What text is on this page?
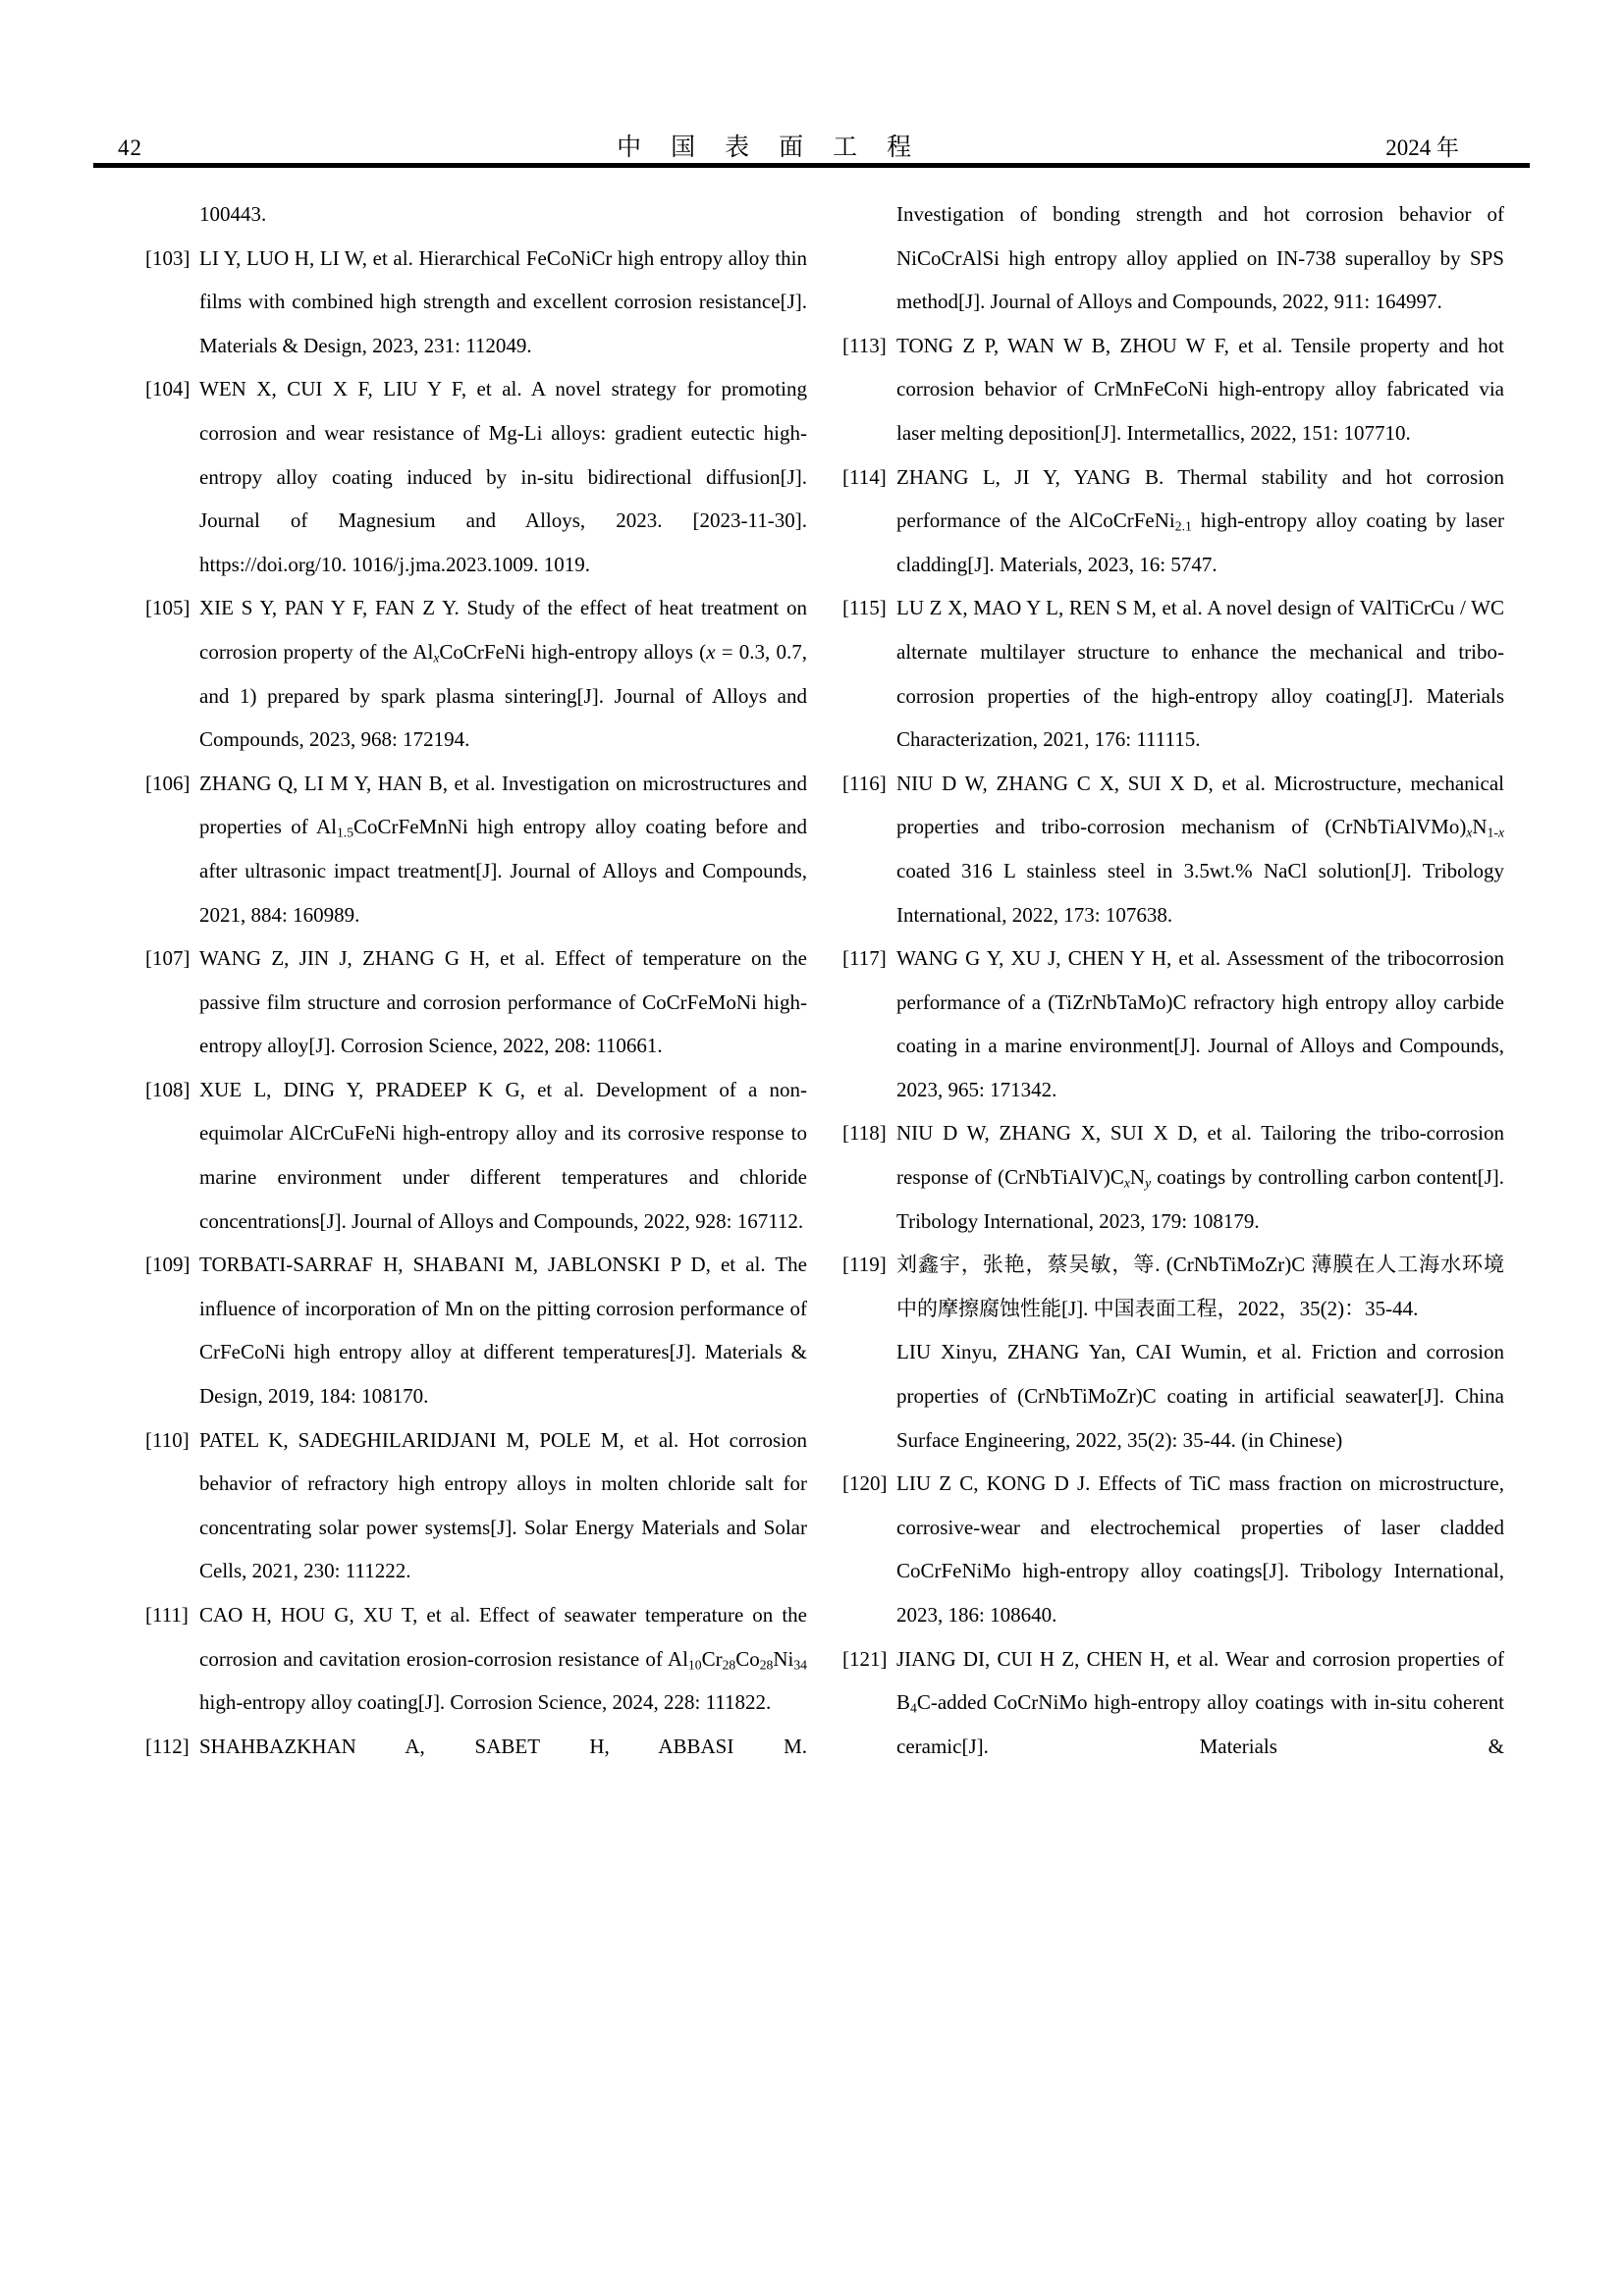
42	中国表面工程	2024 年
100443.
[103] LI Y, LUO H, LI W, et al. Hierarchical FeCoNiCr high entropy alloy thin films with combined high strength and excellent corrosion resistance[J]. Materials & Design, 2023, 231: 112049.
[104] WEN X, CUI X F, LIU Y F, et al. A novel strategy for promoting corrosion and wear resistance of Mg-Li alloys: gradient eutectic high-entropy alloy coating induced by in-situ bidirectional diffusion[J]. Journal of Magnesium and Alloys, 2023. [2023-11-30]. https://doi.org/10. 1016/j.jma.2023.1009. 1019.
[105] XIE S Y, PAN Y F, FAN Z Y. Study of the effect of heat treatment on corrosion property of the $Al_xCoCrFeNi$ high-entropy alloys (x = 0.3, 0.7, and 1) prepared by spark plasma sintering[J]. Journal of Alloys and Compounds, 2023, 968: 172194.
[106] ZHANG Q, LI M Y, HAN B, et al. Investigation on microstructures and properties of $Al_{1.5}CoCrFeMnNi$ high entropy alloy coating before and after ultrasonic impact treatment[J]. Journal of Alloys and Compounds, 2021, 884: 160989.
[107] WANG Z, JIN J, ZHANG G H, et al. Effect of temperature on the passive film structure and corrosion performance of CoCrFeMoNi high-entropy alloy[J]. Corrosion Science, 2022, 208: 110661.
[108] XUE L, DING Y, PRADEEP K G, et al. Development of a non-equimolar AlCrCuFeNi high-entropy alloy and its corrosive response to marine environment under different temperatures and chloride concentrations[J]. Journal of Alloys and Compounds, 2022, 928: 167112.
[109] TORBATI-SARRAF H, SHABANI M, JABLONSKI P D, et al. The influence of incorporation of Mn on the pitting corrosion performance of CrFeCoNi high entropy alloy at different temperatures[J]. Materials & Design, 2019, 184: 108170.
[110] PATEL K, SADEGHILARIDJANI M, POLE M, et al. Hot corrosion behavior of refractory high entropy alloys in molten chloride salt for concentrating solar power systems[J]. Solar Energy Materials and Solar Cells, 2021, 230: 111222.
[111] CAO H, HOU G, XU T, et al. Effect of seawater temperature on the corrosion and cavitation erosion-corrosion resistance of $Al_{10}Cr_{28}Co_{28}Ni_{34}$ high-entropy alloy coating[J]. Corrosion Science, 2024, 228: 111822.
[112] SHAHBAZKHAN A, SABET H, ABBASI M.
Investigation of bonding strength and hot corrosion behavior of NiCoCrAlSi high entropy alloy applied on IN-738 superalloy by SPS method[J]. Journal of Alloys and Compounds, 2022, 911: 164997.
[113] TONG Z P, WAN W B, ZHOU W F, et al. Tensile property and hot corrosion behavior of CrMnFeCoNi high-entropy alloy fabricated via laser melting deposition[J]. Intermetallics, 2022, 151: 107710.
[114] ZHANG L, JI Y, YANG B. Thermal stability and hot corrosion performance of the AlCoCrFeNi$_{2.1}$ high-entropy alloy coating by laser cladding[J]. Materials, 2023, 16: 5747.
[115] LU Z X, MAO Y L, REN S M, et al. A novel design of VAlTiCrCu / WC alternate multilayer structure to enhance the mechanical and tribo-corrosion properties of the high-entropy alloy coating[J]. Materials Characterization, 2021, 176: 111115.
[116] NIU D W, ZHANG C X, SUI X D, et al. Microstructure, mechanical properties and tribo-corrosion mechanism of $(CrNbTiAlVMo)_xN_{1-x}$ coated 316 L stainless steel in 3.5wt.% NaCl solution[J]. Tribology International, 2022, 173: 107638.
[117] WANG G Y, XU J, CHEN Y H, et al. Assessment of the tribocorrosion performance of a (TiZrNbTaMo)C refractory high entropy alloy carbide coating in a marine environment[J]. Journal of Alloys and Compounds, 2023, 965: 171342.
[118] NIU D W, ZHANG X, SUI X D, et al. Tailoring the tribo-corrosion response of $(CrNbTiAlV)C_xN_y$ coatings by controlling carbon content[J]. Tribology International, 2023, 179: 108179.
[119] 刘鑫宇，张艳，蔡吴敏，等. (CrNbTiMoZr)C 薄膜在人工海水环境中的摩擦腐蚀性能[J]. 中国表面工程，2022，35(2)：35-44.
LIU Xinyu, ZHANG Yan, CAI Wumin, et al. Friction and corrosion properties of (CrNbTiMoZr)C coating in artificial seawater[J]. China Surface Engineering, 2022, 35(2): 35-44. (in Chinese)
[120] LIU Z C, KONG D J. Effects of TiC mass fraction on microstructure, corrosive-wear and electrochemical properties of laser cladded CoCrFeNiMo high-entropy alloy coatings[J]. Tribology International, 2023, 186: 108640.
[121] JIANG DI, CUI H Z, CHEN H, et al. Wear and corrosion properties of $B_4C$-added CoCrNiMo high-entropy alloy coatings with in-situ coherent ceramic[J]. Materials &
